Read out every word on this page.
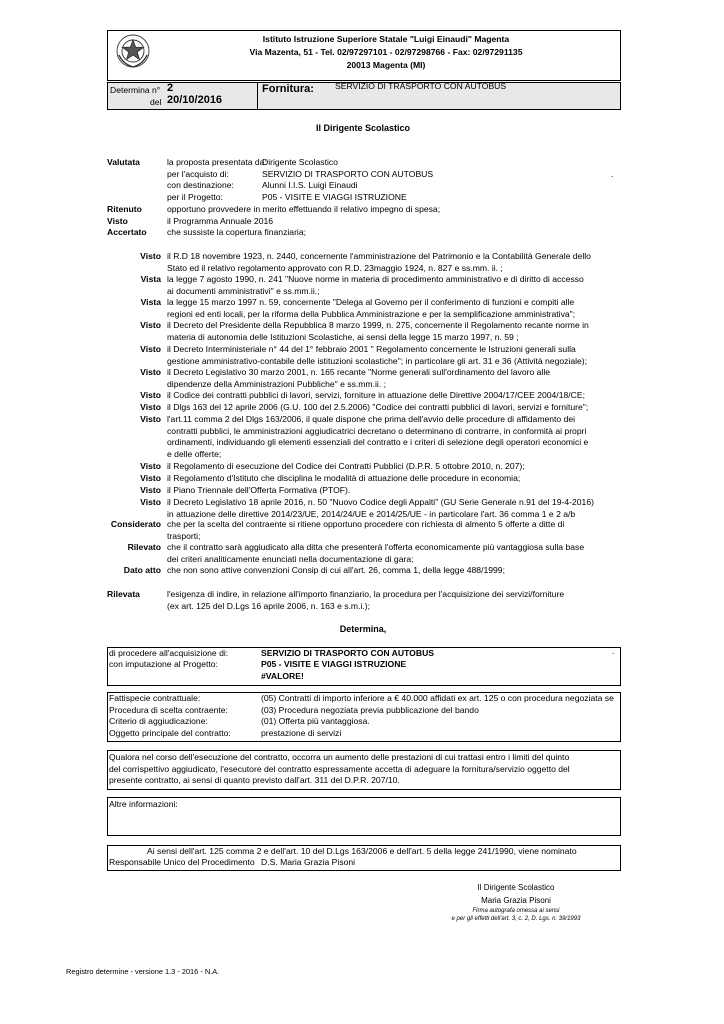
Istituto Istruzione Superiore Statale "Luigi Einaudi" Magenta
Via Mazenta, 51 - Tel. 02/97297101 - 02/97298766 - Fax: 02/97291135
20013 Magenta (MI)
Determina n° 2
del 20/10/2016
Fornitura: SERVIZIO DI TRASPORTO CON AUTOBUS
Il Dirigente Scolastico
Valutata	la proposta presentata da:
Dirigente Scolastico
per l'acquisto di:	SERVIZIO DI TRASPORTO CON AUTOBUS
con destinazione:	Alunni I.I.S. Luigi Einaudi
per il Progetto:	P05 - VISITE E VIAGGI ISTRUZIONE
.
Ritenuto	opportuno provvedere in merito effettuando il relativo impegno di spesa;
Visto	il Programma Annuale 2016
Accertato che sussiste la copertura finanziaria;
Visto il R.D 18 novembre 1923, n. 2440, concernente l'amministrazione del Patrimonio e la Contabilità Generale dello
Stato ed il relativo regolamento approvato con R.D. 23maggio 1924, n. 827 e ss.mm. ii. ;
Vista la legge 7 agosto 1990, n. 241 "Nuove norme in materia di procedimento amministrativo e di diritto di accesso
ai documenti amministrativi" e ss.mm.ii.;
Vista la legge 15 marzo 1997 n. 59, concernente "Delega al Governo per il conferimento di funzioni e compiti alle
regioni ed enti locali, per la riforma della Pubblica Amministrazione e per la semplificazione amministrativa";
Visto il Decreto del Presidente della Repubblica 8 marzo 1999, n. 275, concernente il Regolamento recante norme in
materia di autonomia delle Istituzioni Scolastiche, ai sensi della legge 15 marzo 1997, n. 59 ;
Visto il Decreto Interministeriale n° 44 del 1° febbraio 2001 " Regolamento concernente le Istruzioni generali sulla
gestione amministrativo-contabile delle istituzioni scolastiche"; in particolare gli art. 31 e 36 (Attività negoziale);
Visto il Decreto Legislativo 30 marzo 2001, n. 165 recante "Norme generali sull'ordinamento del lavoro alle
dipendenze della Amministrazioni Pubbliche" e ss.mm.ii. ;
Visto il Codice dei contratti pubblici di lavori, servizi, forniture in attuazione delle Direttive 2004/17/CEE 2004/18/CE;
Visto il Dlgs 163 del 12 aprile 2006 (G.U. 100 del 2.5.2006) "Codice dei contratti pubblici di lavori, servizi e forniture";
Visto l'art.11 comma 2 del Dlgs 163/2006, il quale dispone che prima dell'avvio delle procedure di affidamento dei
contratti pubblici, le amministrazioni aggiudicatrici decretano o determinano di contrarre, in conformità ai propri
ordinamenti, individuando gli elementi essenziali del contratto e i criteri di selezione degli operatori economici e
e delle offerte;
Visto il Regolamento di esecuzione del Codice dei Contratti Pubblici (D.P.R. 5 ottobre 2010, n. 207);
Visto il Regolamento d'Istituto che disciplina le modalità di attuazione delle procedure in economia;
Visto il Piano Triennale dell'Offerta Formativa (PTOF).
Visto il Decreto Legislativo 18 aprile 2016, n. 50 "Nuovo Codice degli Appalti" (GU Serie Generale n.91 del 19-4-2016)
in attuazione delle direttive 2014/23/UE, 2014/24/UE e 2014/25/UE - in particolare l'art. 36 comma 1 e 2 a/b
Considerato che per la scelta del contraente si ritiene opportuno procedere con richiesta di almento 5 offerte a ditte di
trasporti;
Rilevato che il contratto sarà aggiudicato alla ditta che presenterà l'offerta economicamente più vantaggiosa sulla base
dei criteri analiticamente enunciati nella documentazione di gara;
Dato atto che non sono attive convenzioni Consip di cui all'art. 26, comma 1, della legge 488/1999;
Rilevata	l'esigenza di indire, in relazione all'importo finanziario, la procedura per l'acquisizione dei servizi/forniture
(ex art. 125 del D.Lgs 16 aprile 2006, n. 163 e s.m.i.);
Determina,
di procedere all'acquisizione di:	SERVIZIO DI TRASPORTO CON AUTOBUS
con imputazione al Progetto:	P05 - VISITE E VIAGGI ISTRUZIONE
#VALORE!
.
Fattispecie contrattuale:	(05) Contratti di importo inferiore a € 40.000 affidati ex art. 125 o con procedura negoziata se
Procedura di scelta contraente:	(03) Procedura negoziata previa pubblicazione del bando
Criterio di aggiudicazione:	(01) Offerta più vantaggiosa.
Oggetto principale del contratto:	prestazione di servizi
Qualora nel corso dell'esecuzione del contratto, occorra un aumento delle prestazioni di cui trattasi entro i limiti del quinto
del corrispettivo aggiudicato, l'esecutore del contratto espressamente accetta di adeguare la fornitura/servizio oggetto del
presente contratto, ai sensi di quanto previsto dall'art. 311 del D.P.R. 207/10.
Altre informazioni:
Ai sensi dell'art. 125 comma 2 e dell'art. 10 del D.Lgs 163/2006 e dell'art. 5 della legge 241/1990, viene nominato
Responsabile Unico del Procedimento D.S. Maria Grazia Pisoni
Il Dirigente Scolastico
Maria Grazia Pisoni
Firma autografa omessa ai sensi
e per gli effetti dell'art. 3, c. 2, D. Lgs. n. 39/1993
Registro determine - versione 1.3 - 2016 - N.A.
